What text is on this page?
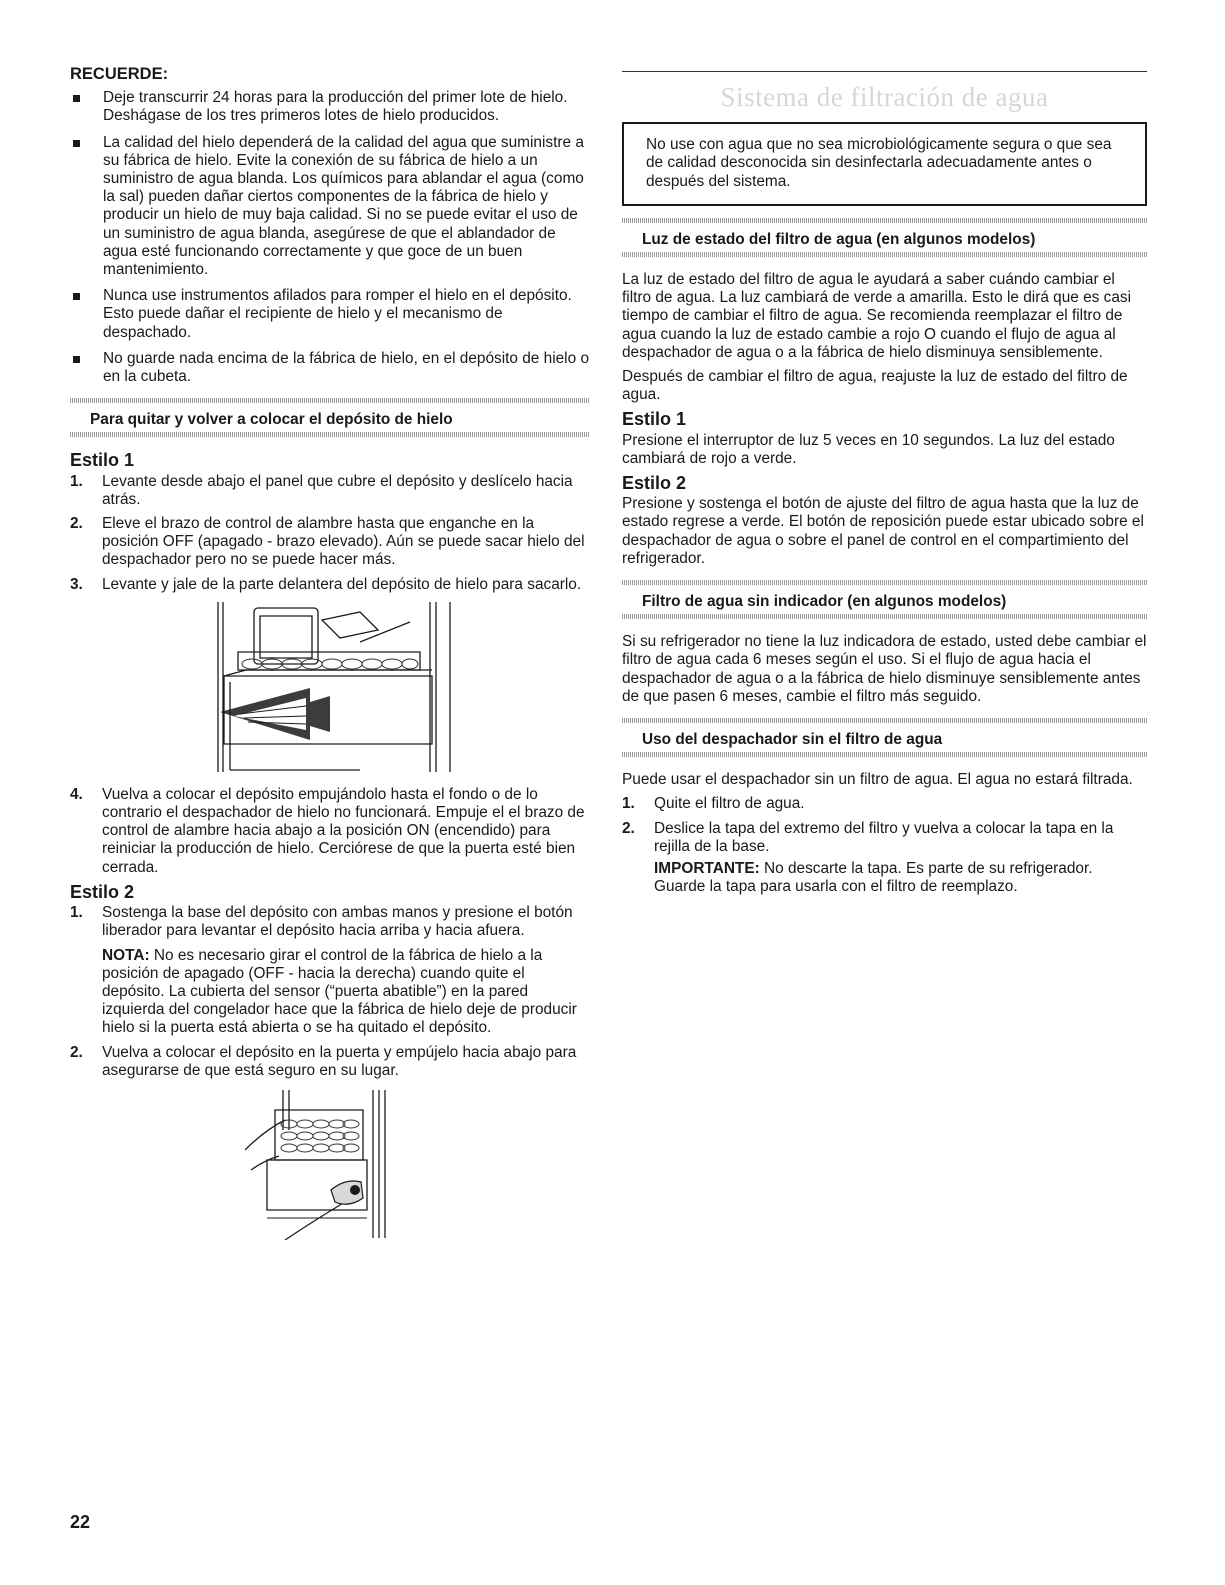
RECUERDE:

Deje transcurrir 24 horas para la producción del primer lote de hielo. Deshágase de los tres primeros lotes de hielo producidos.
La calidad del hielo dependerá de la calidad del agua que suministre a su fábrica de hielo. Evite la conexión de su fábrica de hielo a un suministro de agua blanda. Los químicos para ablandar el agua (como la sal) pueden dañar ciertos componentes de la fábrica de hielo y producir un hielo de muy baja calidad. Si no se puede evitar el uso de un suministro de agua blanda, asegúrese de que el ablandador de agua esté funcionando correctamente y que goce de un buen mantenimiento.
Nunca use instrumentos afilados para romper el hielo en el depósito. Esto puede dañar el recipiente de hielo y el mecanismo de despachado.
No guarde nada encima de la fábrica de hielo, en el depósito de hielo o en la cubeta.
Para quitar y volver a colocar el depósito de hielo
Estilo 1
1. Levante desde abajo el panel que cubre el depósito y deslícelo hacia atrás.
2. Eleve el brazo de control de alambre hasta que enganche en la posición OFF (apagado - brazo elevado). Aún se puede sacar hielo del despachador pero no se puede hacer más.
3. Levante y jale de la parte delantera del depósito de hielo para sacarlo.
4. Vuelva a colocar el depósito empujándolo hasta el fondo o de lo contrario el despachador de hielo no funcionará. Empuje el el brazo de control de alambre hacia abajo a la posición ON (encendido) para reiniciar la producción de hielo. Cerciórese de que la puerta esté bien cerrada.
Estilo 2
1. Sostenga la base del depósito con ambas manos y presione el botón liberador para levantar el depósito hacia arriba y hacia afuera.

NOTA: No es necesario girar el control de la fábrica de hielo a la posición de apagado (OFF - hacia la derecha) cuando quite el depósito. La cubierta del sensor (“puerta abatible”) en la pared izquierda del congelador hace que la fábrica de hielo deje de producir hielo si la puerta está abierta o se ha quitado el depósito.

2. Vuelva a colocar el depósito en la puerta y empújelo hacia abajo para asegurarse de que está seguro en su lugar.
Sistema de filtración de agua

No use con agua que no sea microbiológicamente segura o que sea de calidad desconocida sin desinfectarla adecuadamente antes o después del sistema.

Luz de estado del filtro de agua (en algunos modelos)

La luz de estado del filtro de agua le ayudará a saber cuándo cambiar el filtro de agua. La luz cambiará de verde a amarilla. Esto le dirá que es casi tiempo de cambiar el filtro de agua. Se recomienda reemplazar el filtro de agua cuando la luz de estado cambie a rojo O cuando el flujo de agua al despachador de agua o a la fábrica de hielo disminuya sensiblemente.

Después de cambiar el filtro de agua, reajuste la luz de estado del filtro de agua.

Estilo 1

Presione el interruptor de luz 5 veces en 10 segundos. La luz del estado cambiará de rojo a verde.

Estilo 2

Presione y sostenga el botón de ajuste del filtro de agua hasta que la luz de estado regrese a verde. El botón de reposición puede estar ubicado sobre el despachador de agua o sobre el panel de control en el compartimiento del refrigerador.

Filtro de agua sin indicador (en algunos modelos)

Si su refrigerador no tiene la luz indicadora de estado, usted debe cambiar el filtro de agua cada 6 meses según el uso. Si el flujo de agua hacia el despachador de agua o a la fábrica de hielo disminuye sensiblemente antes de que pasen 6 meses, cambie el filtro más seguido.

Uso del despachador sin el filtro de agua

Puede usar el despachador sin un filtro de agua. El agua no estará filtrada.

1. Quite el filtro de agua.
2. Deslice la tapa del extremo del filtro y vuelva a colocar la tapa en la rejilla de la base.

IMPORTANTE: No descarte la tapa. Es parte de su refrigerador. Guarde la tapa para usarla con el filtro de reemplazo.

22
